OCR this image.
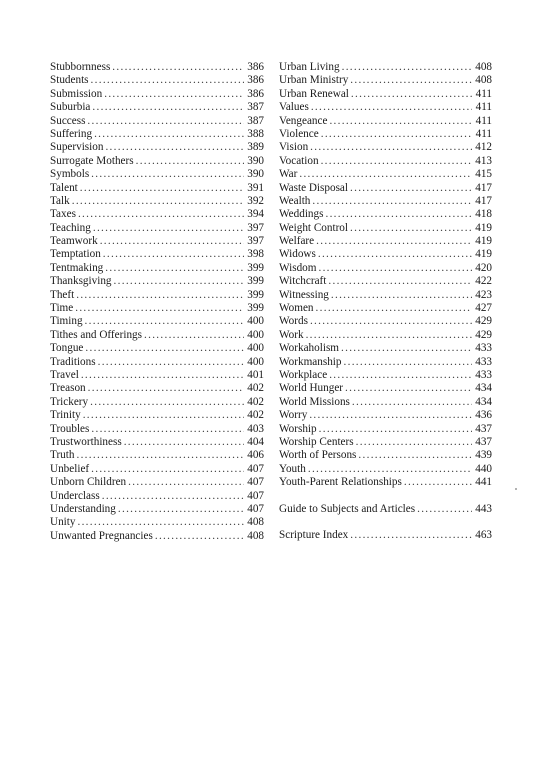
Stubbornness .....	386
Students .....	386
Submission .....	386
Suburbia .....	387
Success .....	387
Suffering .....	388
Supervision .....	389
Surrogate Mothers .....	390
Symbols .....	390
Talent .....	391
Talk .....	392
Taxes .....	394
Teaching .....	397
Teamwork .....	397
Temptation .....	398
Tentmaking .....	399
Thanksgiving .....	399
Theft .....	399
Time .....	399
Timing .....	400
Tithes and Offerings .....	400
Tongue .....	400
Traditions .....	400
Travel .....	401
Treason .....	402
Trickery .....	402
Trinity .....	402
Troubles .....	403
Trustworthiness .....	404
Truth .....	406
Unbelief .....	407
Unborn Children .....	407
Underclass .....	407
Understanding .....	407
Unity .....	408
Unwanted Pregnancies .....	408
Urban Living .....	408
Urban Ministry .....	408
Urban Renewal .....	411
Values .....	411
Vengeance .....	411
Violence .....	411
Vision .....	412
Vocation .....	413
War .....	415
Waste Disposal .....	417
Wealth .....	417
Weddings .....	418
Weight Control .....	419
Welfare .....	419
Widows .....	419
Wisdom .....	420
Witchcraft .....	422
Witnessing .....	423
Women .....	427
Words .....	429
Work .....	429
Workaholism .....	433
Workmanship .....	433
Workplace .....	433
World Hunger .....	434
World Missions .....	434
Worry .....	436
Worship .....	437
Worship Centers .....	437
Worth of Persons .....	439
Youth .....	440
Youth-Parent Relationships .....	441
Guide to Subjects and Articles .....	443
Scripture Index .....	463
